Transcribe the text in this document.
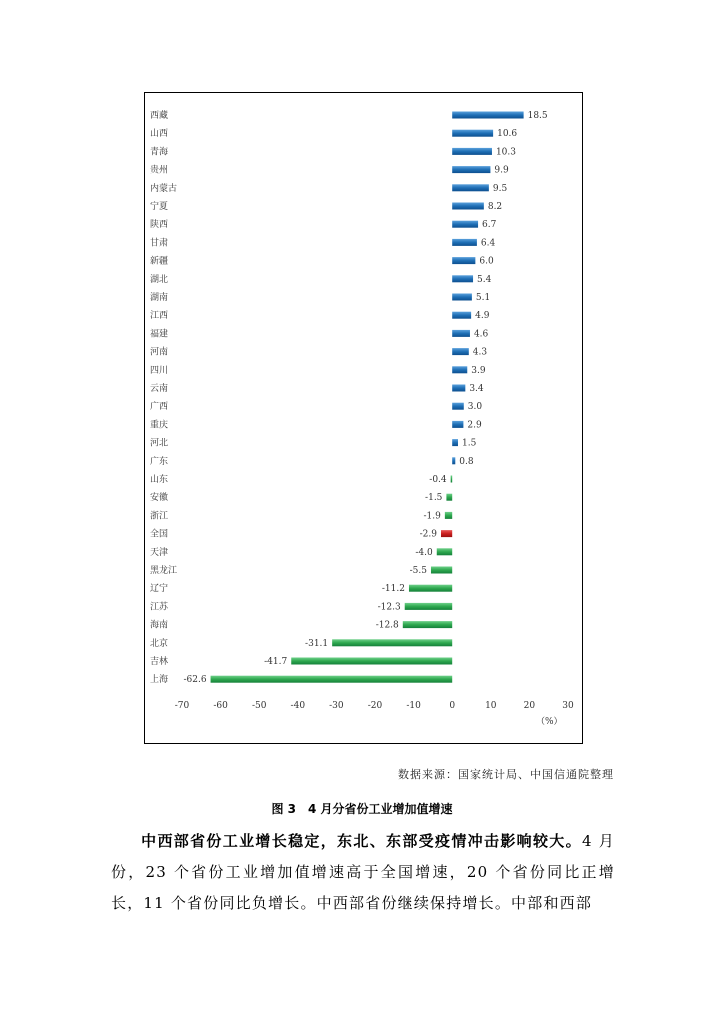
西藏	18.5
山西	10.6
青海	10.3
贵州	9.9
内蒙古	9.5
宁夏	8.2
陕西	6.7
甘肃	6.4
新疆	6.0
湖北	5.4
湖南	5.1
江西	4.9
福建	4.6
河南	4.3
四川	3.9
云南	3.4
广西	3.0
重庆	2.9
河北	1.5
广东	0.8
山东	-0.4
安徽	-1.5
浙江	-1.9
全国	-2.9
天津	-4.0
黑龙江	-5.5
辽宁	-11.2
江苏	-12.3
海南	-12.8
北京	-31.1
吉林	-41.7
上海 -62.6
-70	-60	-50	-40	-30	-20	-10	0	10	20	30
（%）
数据来源：国家统计局、中国信通院整理
图 3　4 月分省份工业增加值增速
中西部省份工业增长稳定，东北、东部受疫情冲击影响较大。4 月份，23 个省份工业增加值增速高于全国增速，20 个省份同比正增长，11 个省份同比负增长。中西部省份继续保持增长。中部和西部
